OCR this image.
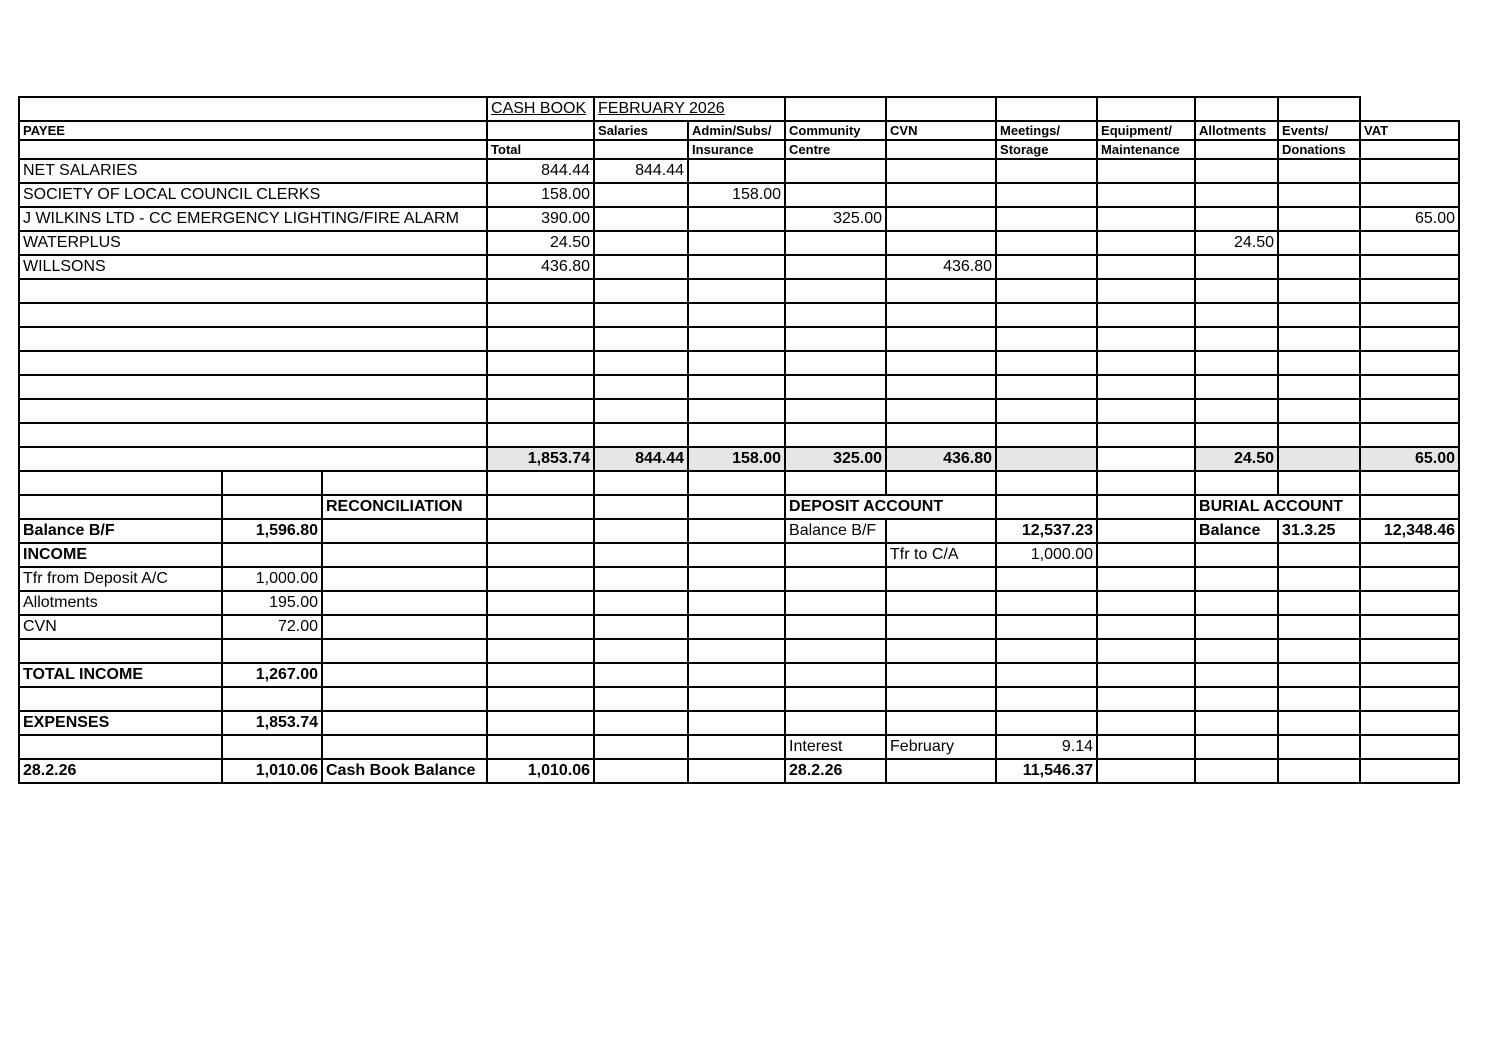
			CASH BOOK	FEBRUARY 2026								
PAYEE				Salaries	Admin/Subs/	Community	CVN	Meetings/	Equipment/	Allotments	Events/	VAT
			Total		Insurance	Centre		Storage	Maintenance		Donations	
NET SALARIES			844.44	844.44								
SOCIETY OF LOCAL COUNCIL CLERKS			158.00		158.00							
J WILKINS LTD - CC EMERGENCY LIGHTING/FIRE ALARM			390.00			325.00						65.00
WATERPLUS			24.50							24.50		
WILLSONS			436.80				436.80					

			1,853.74	844.44	158.00	325.00	436.80			24.50		65.00

		RECONCILIATION				DEPOSIT ACCOUNT				BURIAL ACCOUNT		
Balance B/F	1,596.80					Balance B/F		12,537.23		Balance	31.3.25	12,348.46
INCOME							Tfr to C/A	1,000.00				
Tfr from Deposit A/C	1,000.00											
Allotments	195.00											
CVN	72.00											

TOTAL INCOME	1,267.00											

EXPENSES	1,853.74											
						Interest	February	9.14				
28.2.26	1,010.06	Cash Book Balance	1,010.06			28.2.26		11,546.37				
